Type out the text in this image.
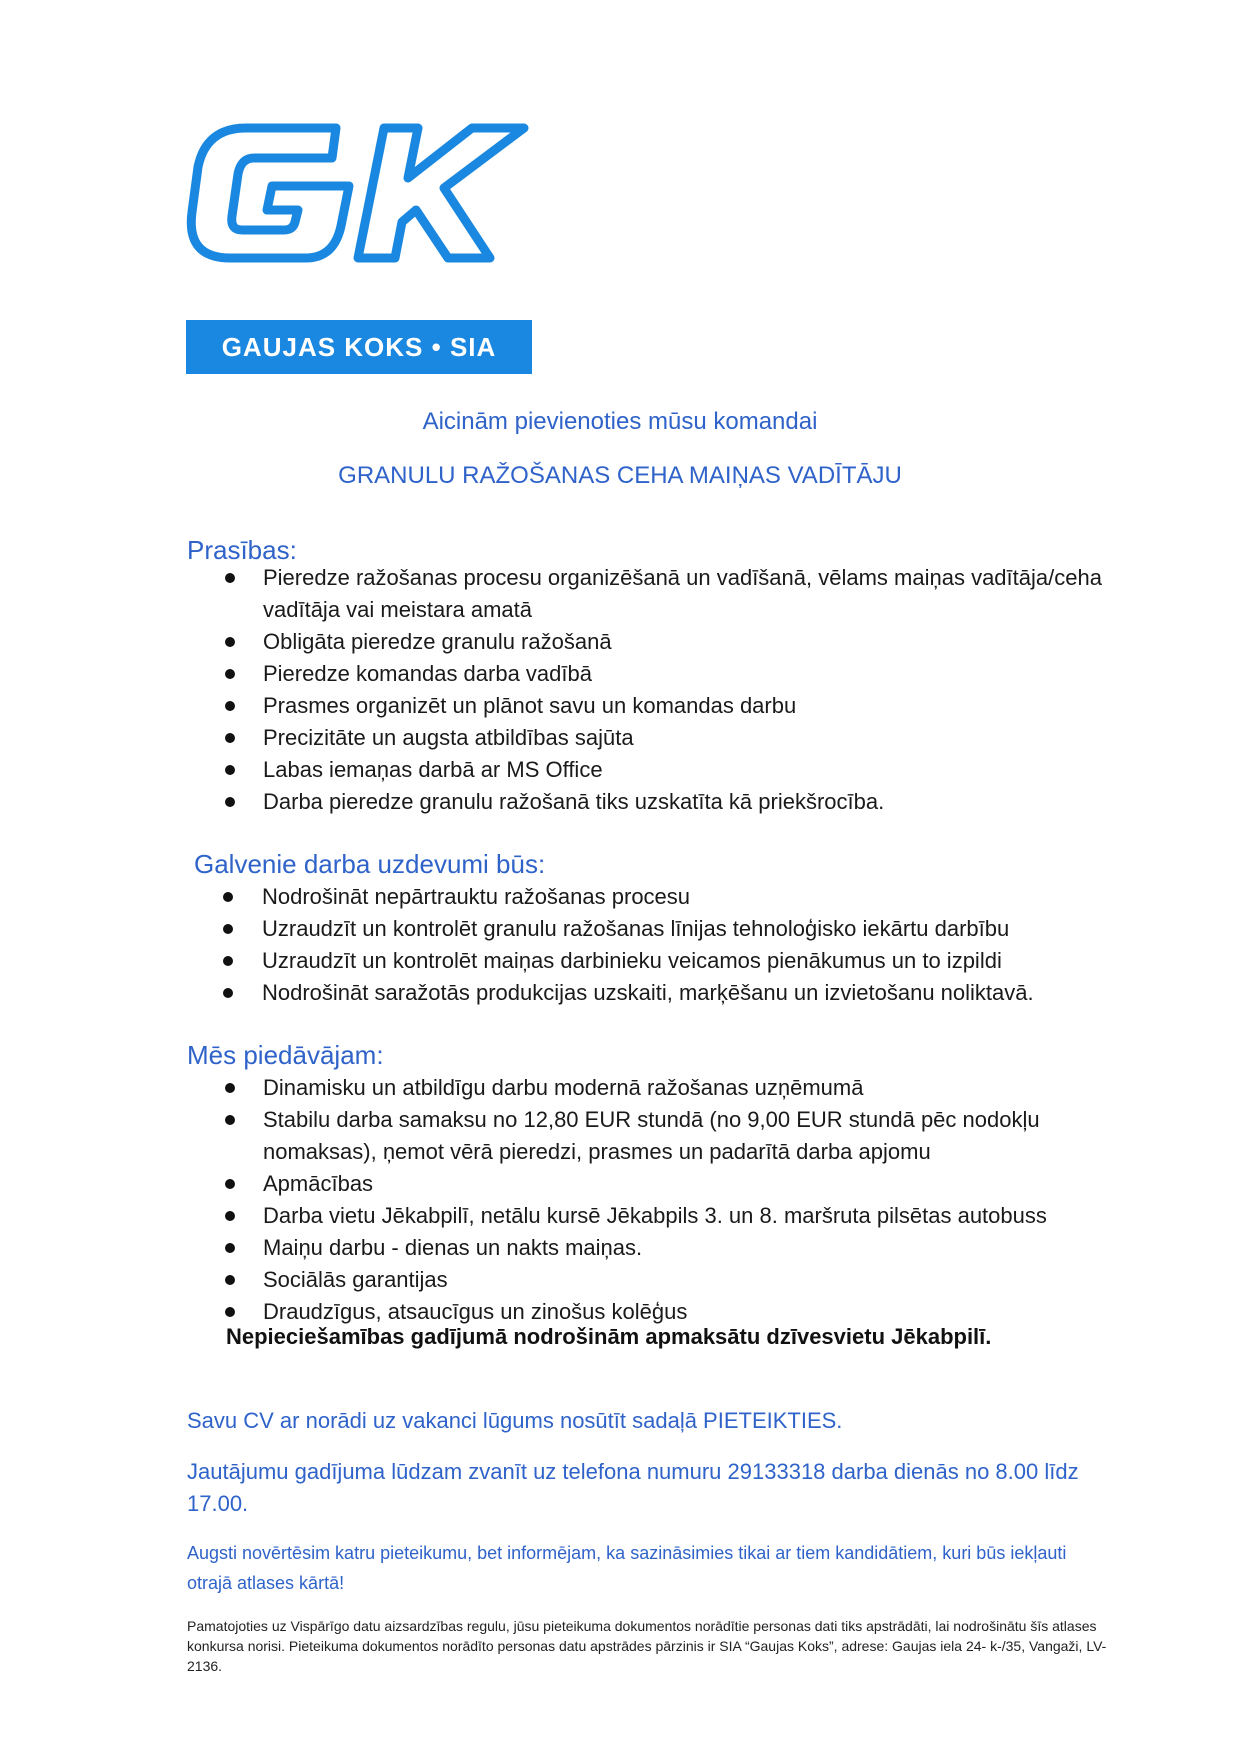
GAUJAS KOKS • SIA
Aicinām pievienoties mūsu komandai
GRANULU RAŽOŠANAS CEHA MAIŅAS VADĪTĀJU
Prasības:
Pieredze ražošanas procesu organizēšanā un vadīšanā, vēlams maiņas vadītāja/ceha vadītāja vai meistara amatā
Obligāta pieredze granulu ražošanā
Pieredze komandas darba vadībā
Prasmes organizēt un plānot savu un komandas darbu
Precizitāte un augsta atbildības sajūta
Labas iemaņas darbā ar MS Office
Darba pieredze granulu ražošanā tiks uzskatīta kā priekšrocība.
Galvenie darba uzdevumi būs:
Nodrošināt nepārtrauktu ražošanas procesu
Uzraudzīt un kontrolēt granulu ražošanas līnijas tehnoloģisko iekārtu darbību
Uzraudzīt un kontrolēt maiņas darbinieku veicamos pienākumus un to izpildi
Nodrošināt saražotās produkcijas uzskaiti, marķēšanu un izvietošanu noliktavā.
Mēs piedāvājam:
Dinamisku un atbildīgu darbu modernā ražošanas uzņēmumā
Stabilu darba samaksu no 12,80 EUR stundā (no 9,00 EUR stundā pēc nodokļu nomaksas), ņemot vērā pieredzi, prasmes un padarītā darba apjomu
Apmācības
Darba vietu Jēkabpilī, netālu kursē Jēkabpils 3. un 8. maršruta pilsētas autobuss
Maiņu darbu - dienas un nakts maiņas.
Sociālās garantijas
Draudzīgus, atsaucīgus un zinošus kolēģus
Nepieciešamības gadījumā nodrošinām apmaksātu dzīvesvietu Jēkabpilī.
Savu CV ar norādi uz vakanci lūgums nosūtīt sadaļā PIETEIKTIES.
Jautājumu gadījuma lūdzam zvanīt uz telefona numuru 29133318 darba dienās no 8.00 līdz 17.00.
Augsti novērtēsim katru pieteikumu, bet informējam, ka sazināsimies tikai ar tiem kandidātiem, kuri būs iekļauti otrajā atlases kārtā!
Pamatojoties uz Vispārīgo datu aizsardzības regulu, jūsu pieteikuma dokumentos norādītie personas dati tiks apstrādāti, lai nodrošinātu šīs atlases konkursa norisi. Pieteikuma dokumentos norādīto personas datu apstrādes pārzinis ir SIA “Gaujas Koks”, adrese: Gaujas iela 24- k-/35, Vangaži, LV-2136.
